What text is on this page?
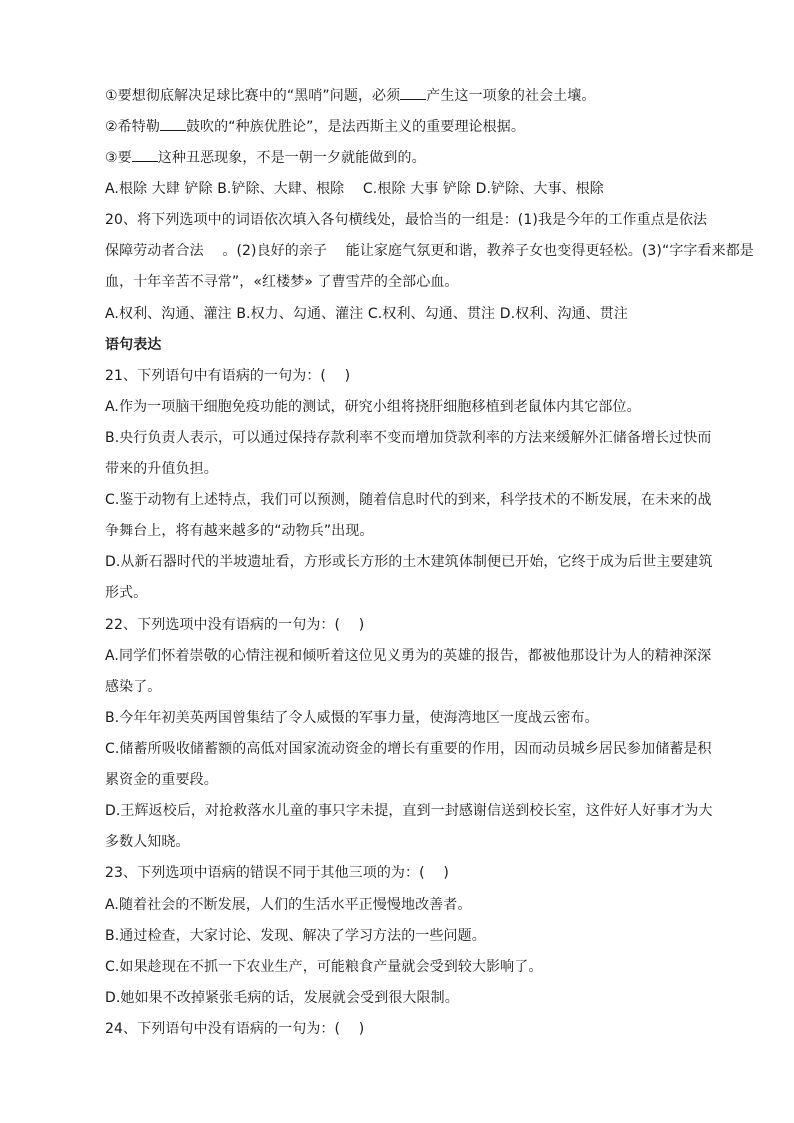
①要想彻底解决足球比赛中的“黑哨”问题，必须 产生这一项象的社会土壤。
②希特勒 鼓吹的“种族优胜论”，是法西斯主义的重要理论根据。
③要 这种丑恶现象，不是一朝一夕就能做到的。
A.根除 大肆 铲除 B.铲除、大肆、根除 　C.根除 大事 铲除 D.铲除、大事、根除
20、将下列选项中的词语依次填入各句横线处，最恰当的一组是：(1)我是今年的工作重点是依法
保障劳动者合法 　。(2)良好的亲子 　能让家庭气氛更和谐，教养子女也变得更轻松。(3)“字字看来都是
血，十年辛苦不寻常”，«红楼梦» 了曹雪芹的全部心血。
A.权利、沟通、灌注 B.权力、勾通、灌注 C.权利、勾通、贯注 D.权利、沟通、贯注
语句表达
21、下列语句中有语病的一句为：( 　)
A.作为一项脑干细胞免疫功能的测试，研究小组将挠肝细胞移植到老鼠体内其它部位。
B.央行负责人表示，可以通过保持存款利率不变而增加贷款利率的方法来缓解外汇储备增长过快而
带来的升值负担。
C.鉴于动物有上述特点，我们可以预测，随着信息时代的到来，科学技术的不断发展，在未来的战
争舞台上，将有越来越多的“动物兵”出现。
D.从新石器时代的半坡遗址看，方形或长方形的土木建筑体制便已开始，它终于成为后世主要建筑
形式。
22、下列选项中没有语病的一句为：( 　)
A.同学们怀着崇敬的心情注视和倾听着这位见义勇为的英雄的报告，都被他那设计为人的精神深深
感染了。
B.今年年初美英两国曾集结了令人威慑的军事力量，使海湾地区一度战云密布。
C.储蓄所吸收储蓄额的高低对国家流动资金的增长有重要的作用，因而动员城乡居民参加储蓄是积
累资金的重要段。
D.王辉返校后，对抢救落水儿童的事只字未提，直到一封感谢信送到校长室，这件好人好事才为大
多数人知晓。
23、下列选项中语病的错误不同于其他三项的为：( 　)
A.随着社会的不断发展，人们的生活水平正慢慢地改善者。
B.通过检查，大家讨论、发现、解决了学习方法的一些问题。
C.如果趁现在不抓一下农业生产，可能粮食产量就会受到较大影响了。
D.她如果不改掉紧张毛病的话，发展就会受到很大限制。
24、下列语句中没有语病的一句为：( 　)
